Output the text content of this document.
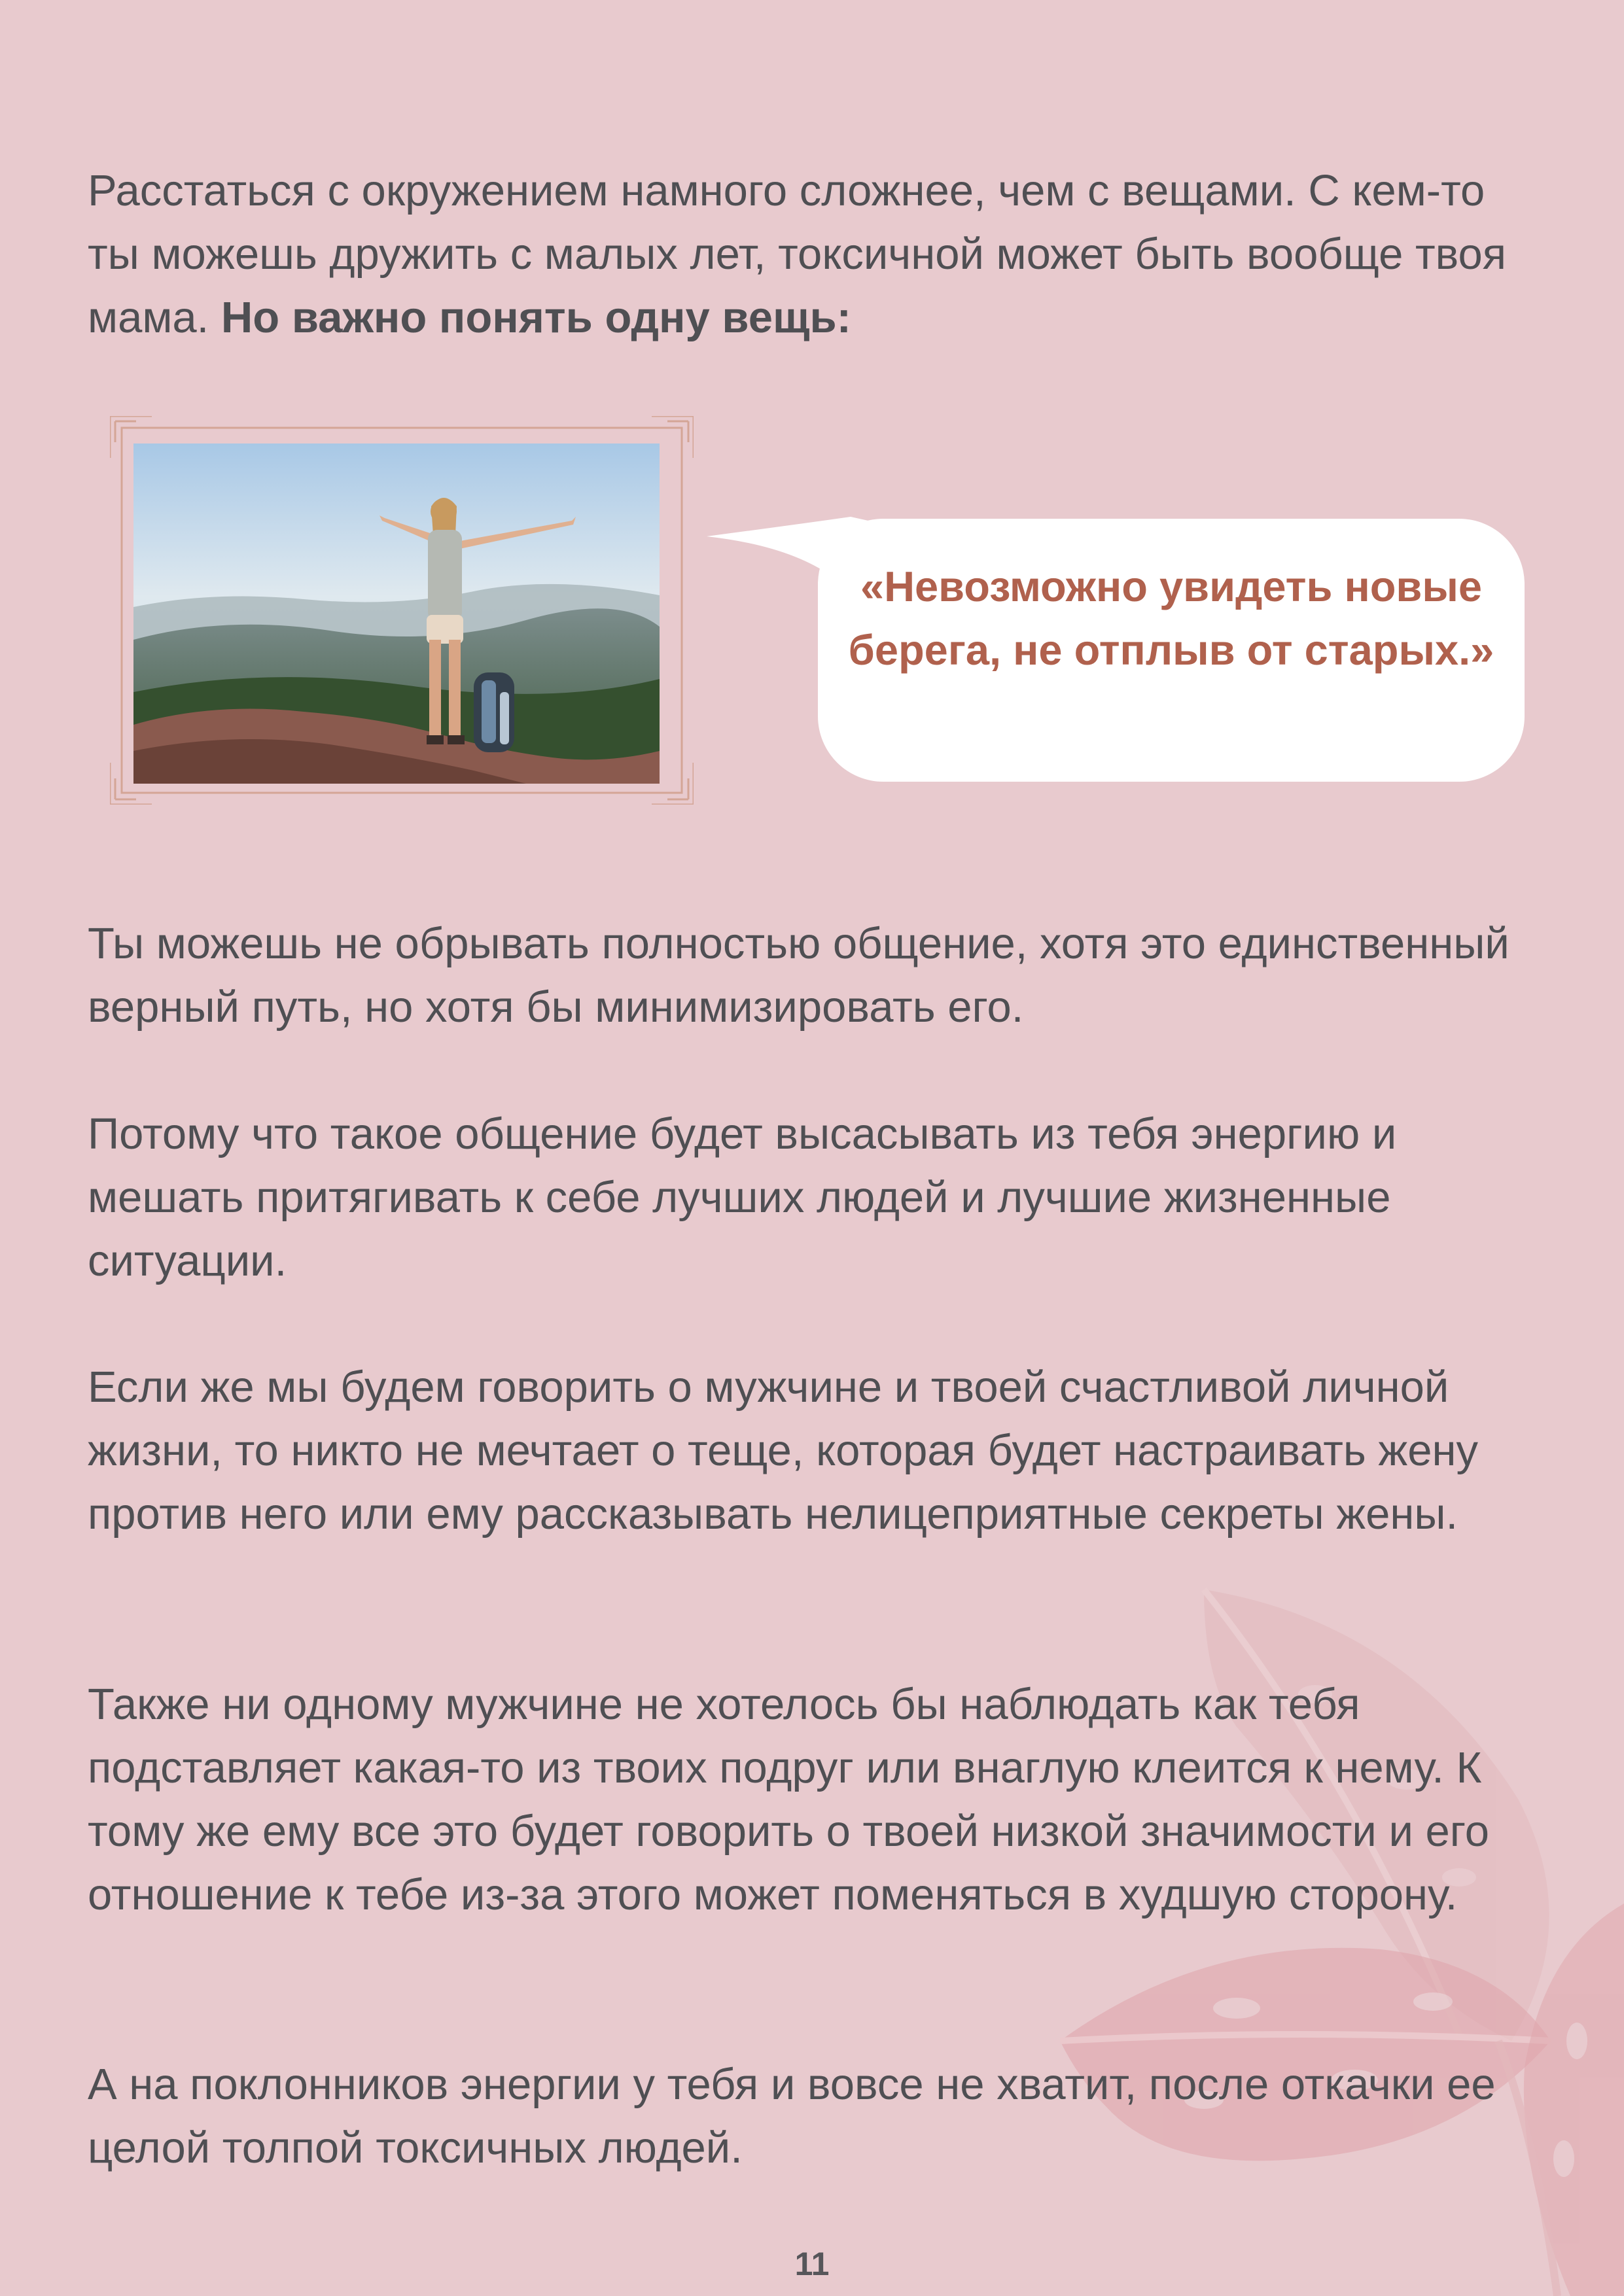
Расстаться с окружением намного сложнее, чем с вещами. С кем-то ты можешь дружить с малых лет, токсичной может быть вообще твоя мама. Но важно понять одну вещь:

«Невозможно увидеть новые берега, не отплыв от старых.»

Ты можешь не обрывать полностью общение, хотя это единственный верный путь, но хотя бы минимизировать его.

Потому что такое общение будет высасывать из тебя энергию и мешать притягивать к себе лучших людей и лучшие жизненные ситуации.

Если же мы будем говорить о мужчине и твоей счастливой личной жизни, то никто не мечтает о теще, которая будет настраивать жену против него или ему рассказывать нелицеприятные секреты жены.

Также ни одному мужчине не хотелось бы наблюдать как тебя подставляет какая-то из твоих подруг или внаглую клеится к нему. К тому же ему все это будет говорить о твоей низкой значимости и его отношение к тебе из-за этого может поменяться в худшую сторону.

А на поклонников энергии у тебя и вовсе не хватит, после откачки ее целой толпой токсичных людей.

11
